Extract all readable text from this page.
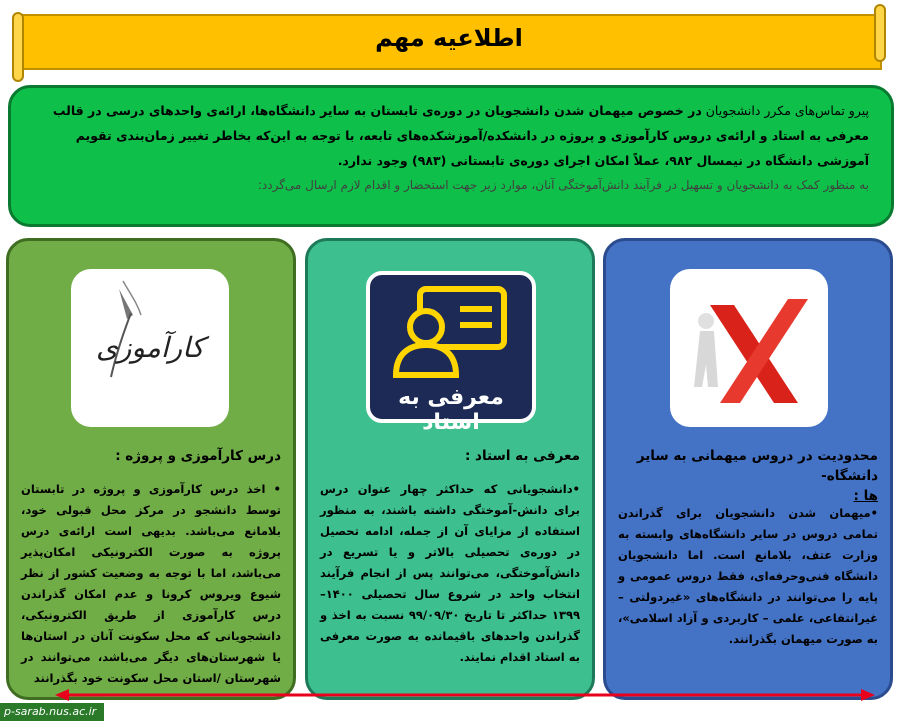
اطلاعیه مهم
پیرو تماس‌های مکرر دانشجویان در خصوص میهمان شدن دانشجویان در دوره‌ی تابستان به سایر دانشگاه‌ها، ارائه‌ی واحدهای درسی در قالب معرفی به استاد و ارائه‌ی دروس کارآموزی و پروژه در دانشکده/آموزشکده‌های تابعه، با توجه به این‌که بخاطر تغییر زمان‌بندی تقویم آموزشی دانشگاه در نیمسال ۹۸۲، عملاً امکان اجرای دوره‌ی تابستانی (۹۸۳) وجود ندارد.
به منظور کمک به دانشجویان و تسهیل در فرآیند دانش‌آموختگی آنان، موارد زیر جهت استحضار و اقدام لازم ارسال می‌گردد:
کارآموزی
درس کارآموزی و پروژه :
• اخذ درس کارآموزی و پروژه در تابستان توسط دانشجو در مرکز محل قبولی خود، بلامانع می‌باشد. بدیهی است ارائه‌ی درس پروژه به صورت الکترونیکی امکان‌پذیر می‌باشد، اما با توجه به وضعیت کشور از نظر شیوع ویروس کرونا و عدم امکان گذراندن درس کارآموزی از طریق الکترونیکی، دانشجویانی که محل سکونت آنان در استان‌ها یا شهرستان‌های دیگر می‌باشد، می‌توانند در شهرستان /استان محل سکونت خود بگذرانند
معرفی به استاد
معرفی به استاد :
•دانشجویانی که حداکثر چهار عنوان درس برای دانش-آموختگی داشته باشند، به منظور استفاده از مزایای آن از جمله، ادامه تحصیل در دوره‌ی تحصیلی بالاتر و یا تسریع در دانش‌آموختگی، می‌توانند پس از انجام فرآیند انتخاب واحد در شروع سال تحصیلی ۱۴۰۰–۱۳۹۹ حداکثر تا تاریخ ۹۹/۰۹/۳۰ نسبت به اخذ و گذراندن واحدهای باقیمانده به صورت معرفی به استاد اقدام نمایند.
محدودیت در دروس میهمانی به سایر دانشگاه-
ها :
•میهمان شدن دانشجویان برای گذراندن تمامی دروس در سایر دانشگاه‌های وابسته به وزارت عتف، بلامانع است. اما دانشجویان دانشگاه فنی‌وحرفه‌ای، فقط دروس عمومی و پایه را می‌توانند در دانشگاه‌های «غیردولتی – غیرانتفاعی، علمی – کاربردی و آزاد اسلامی»، به صورت میهمان بگذرانند.
p-sarab.nus.ac.ir
